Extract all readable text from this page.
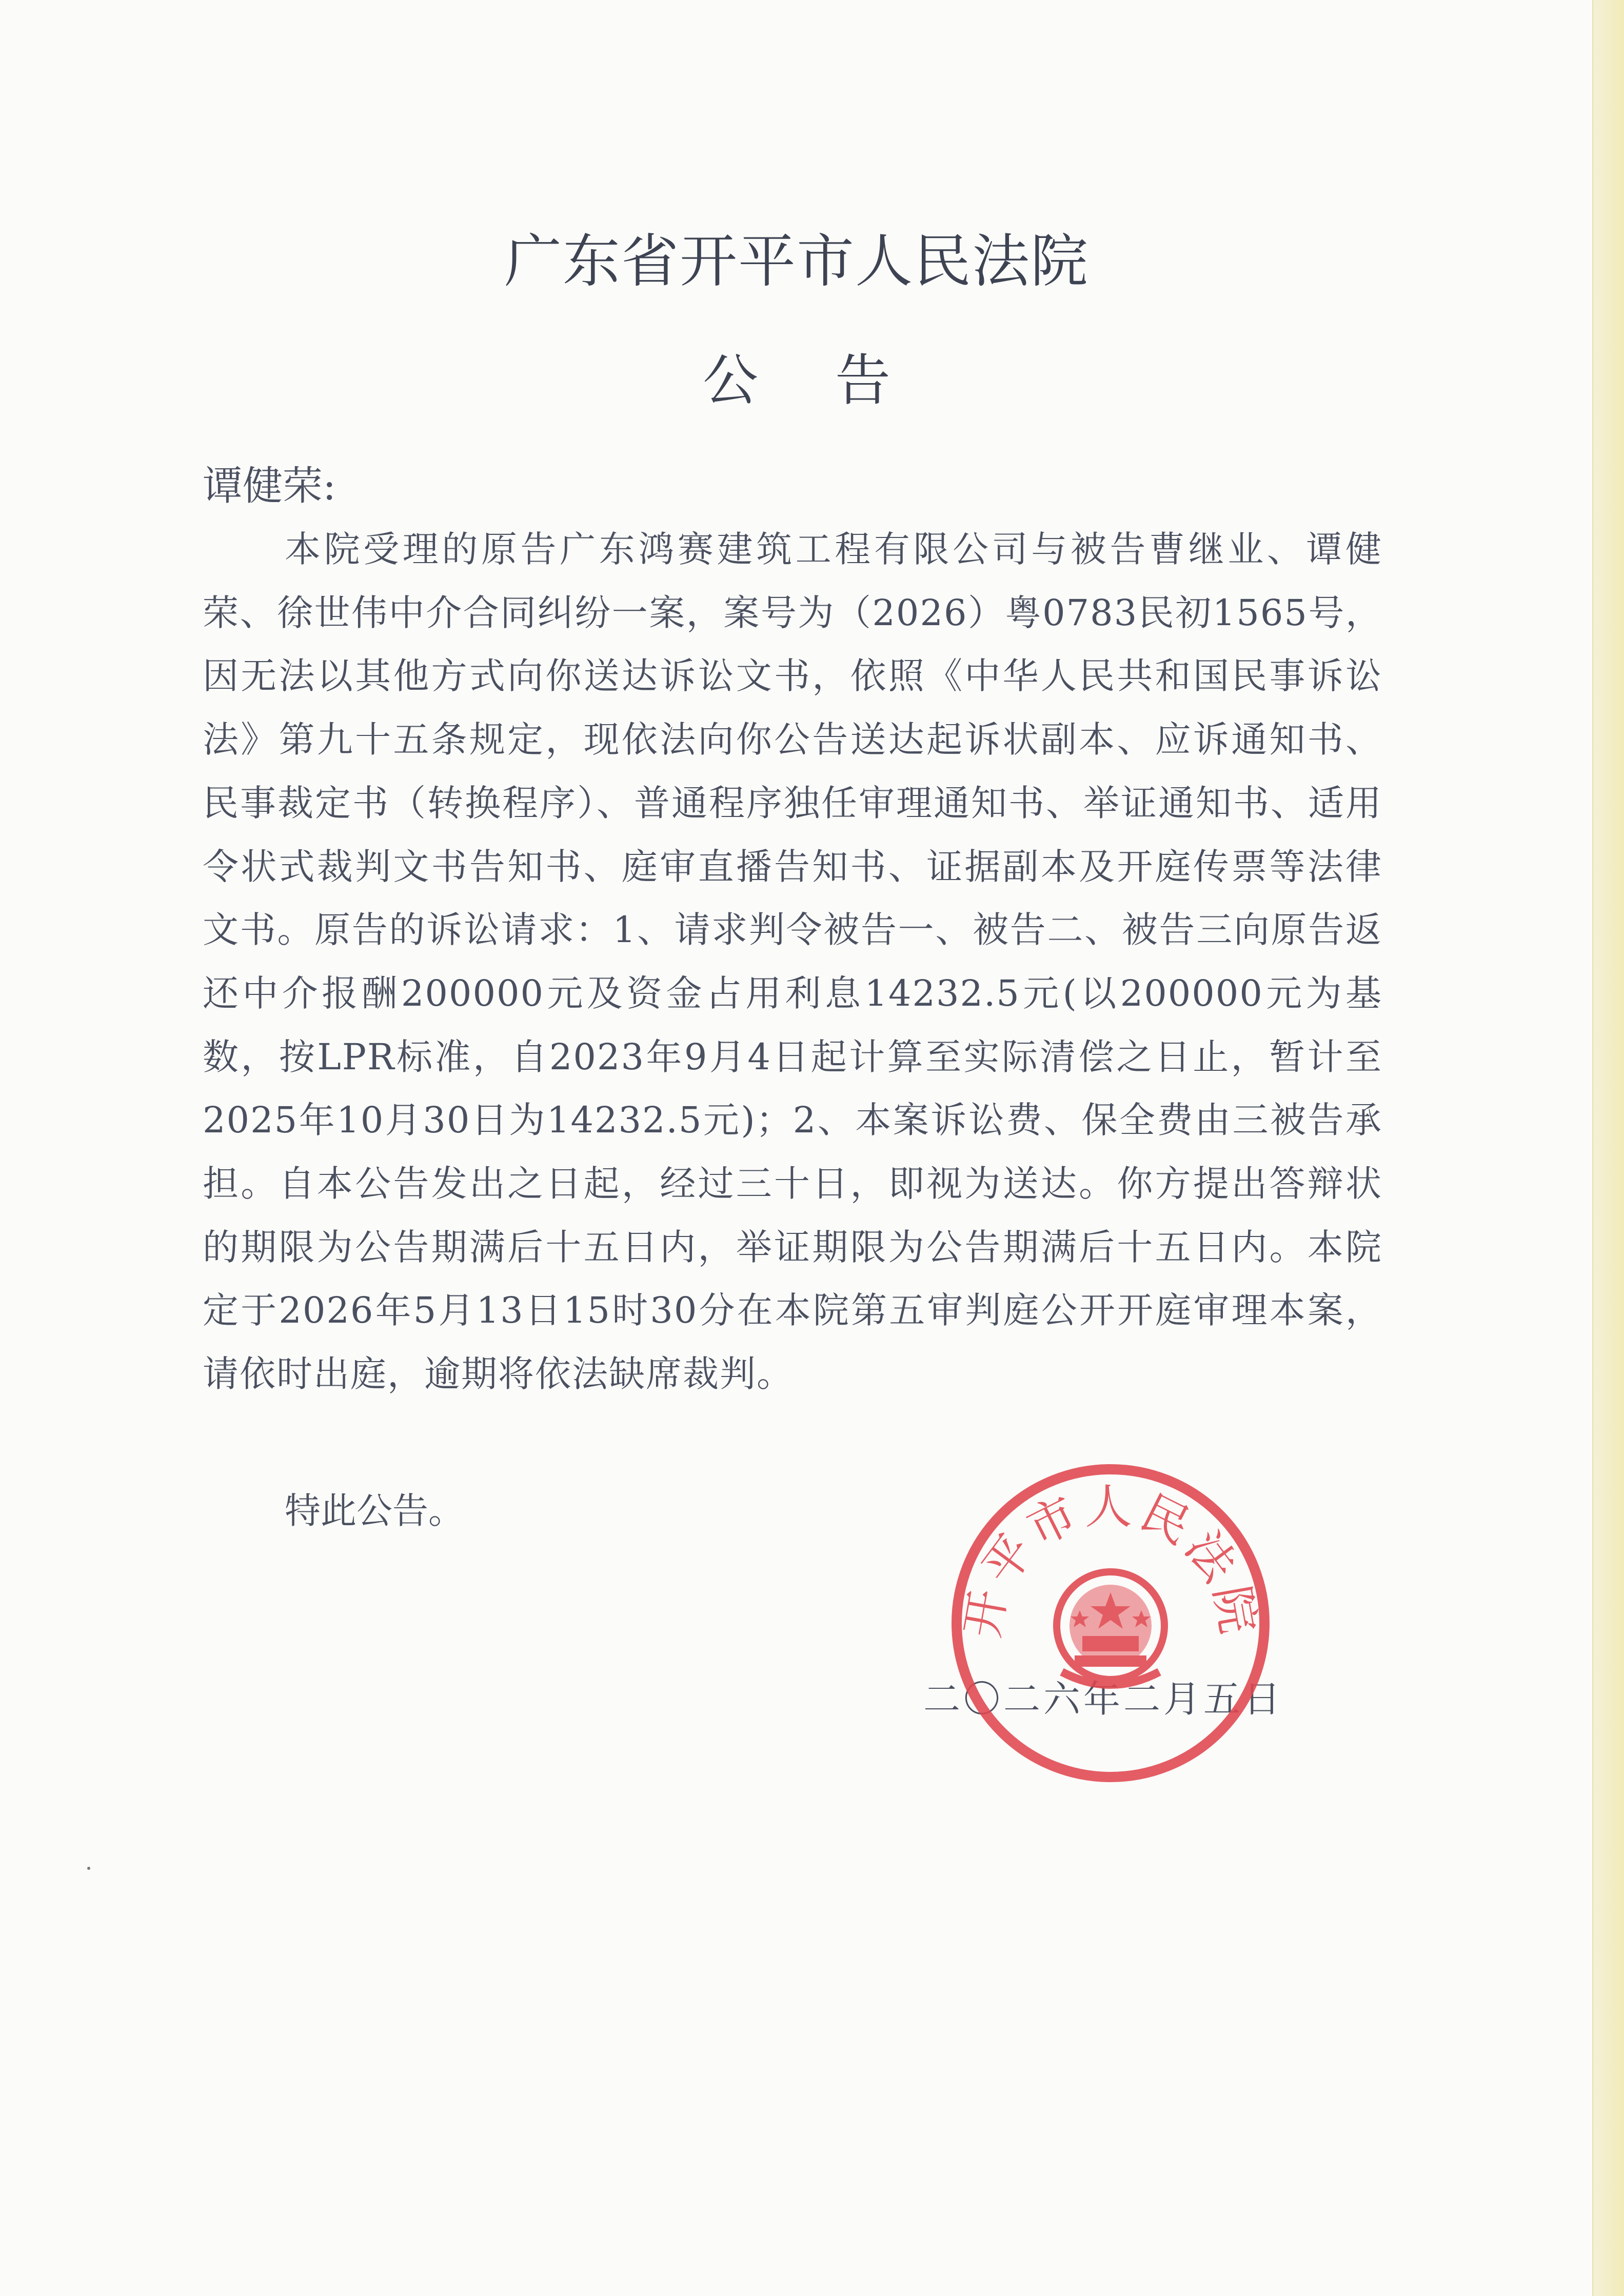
广东省开平市人民法院
公告
谭健荣:

本院受理的原告广东鸿赛建筑工程有限公司与被告曹继业、谭健荣、徐世伟中介合同纠纷一案，案号为（2026）粤0783民初1565号，因无法以其他方式向你送达诉讼文书，依照《中华人民共和国民事诉讼法》第九十五条规定，现依法向你公告送达起诉状副本、应诉通知书、民事裁定书（转换程序）、普通程序独任审理通知书、举证通知书、适用令状式裁判文书告知书、庭审直播告知书、证据副本及开庭传票等法律文书。原告的诉讼请求：1、请求判令被告一、被告二、被告三向原告返还中介报酬200000元及资金占用利息14232.5元(以200000元为基数，按LPR标准，自2023年9月4日起计算至实际清偿之日止，暂计至2025年10月30日为14232.5元)；2、本案诉讼费、保全费由三被告承担。自本公告发出之日起，经过三十日，即视为送达。你方提出答辩状的期限为公告期满后十五日内，举证期限为公告期满后十五日内。本院定于2026年5月13日15时30分在本院第五审判庭公开开庭审理本案，请依时出庭，逾期将依法缺席裁判。

特此公告。
二〇二六年二月五日
开平市人民法院
